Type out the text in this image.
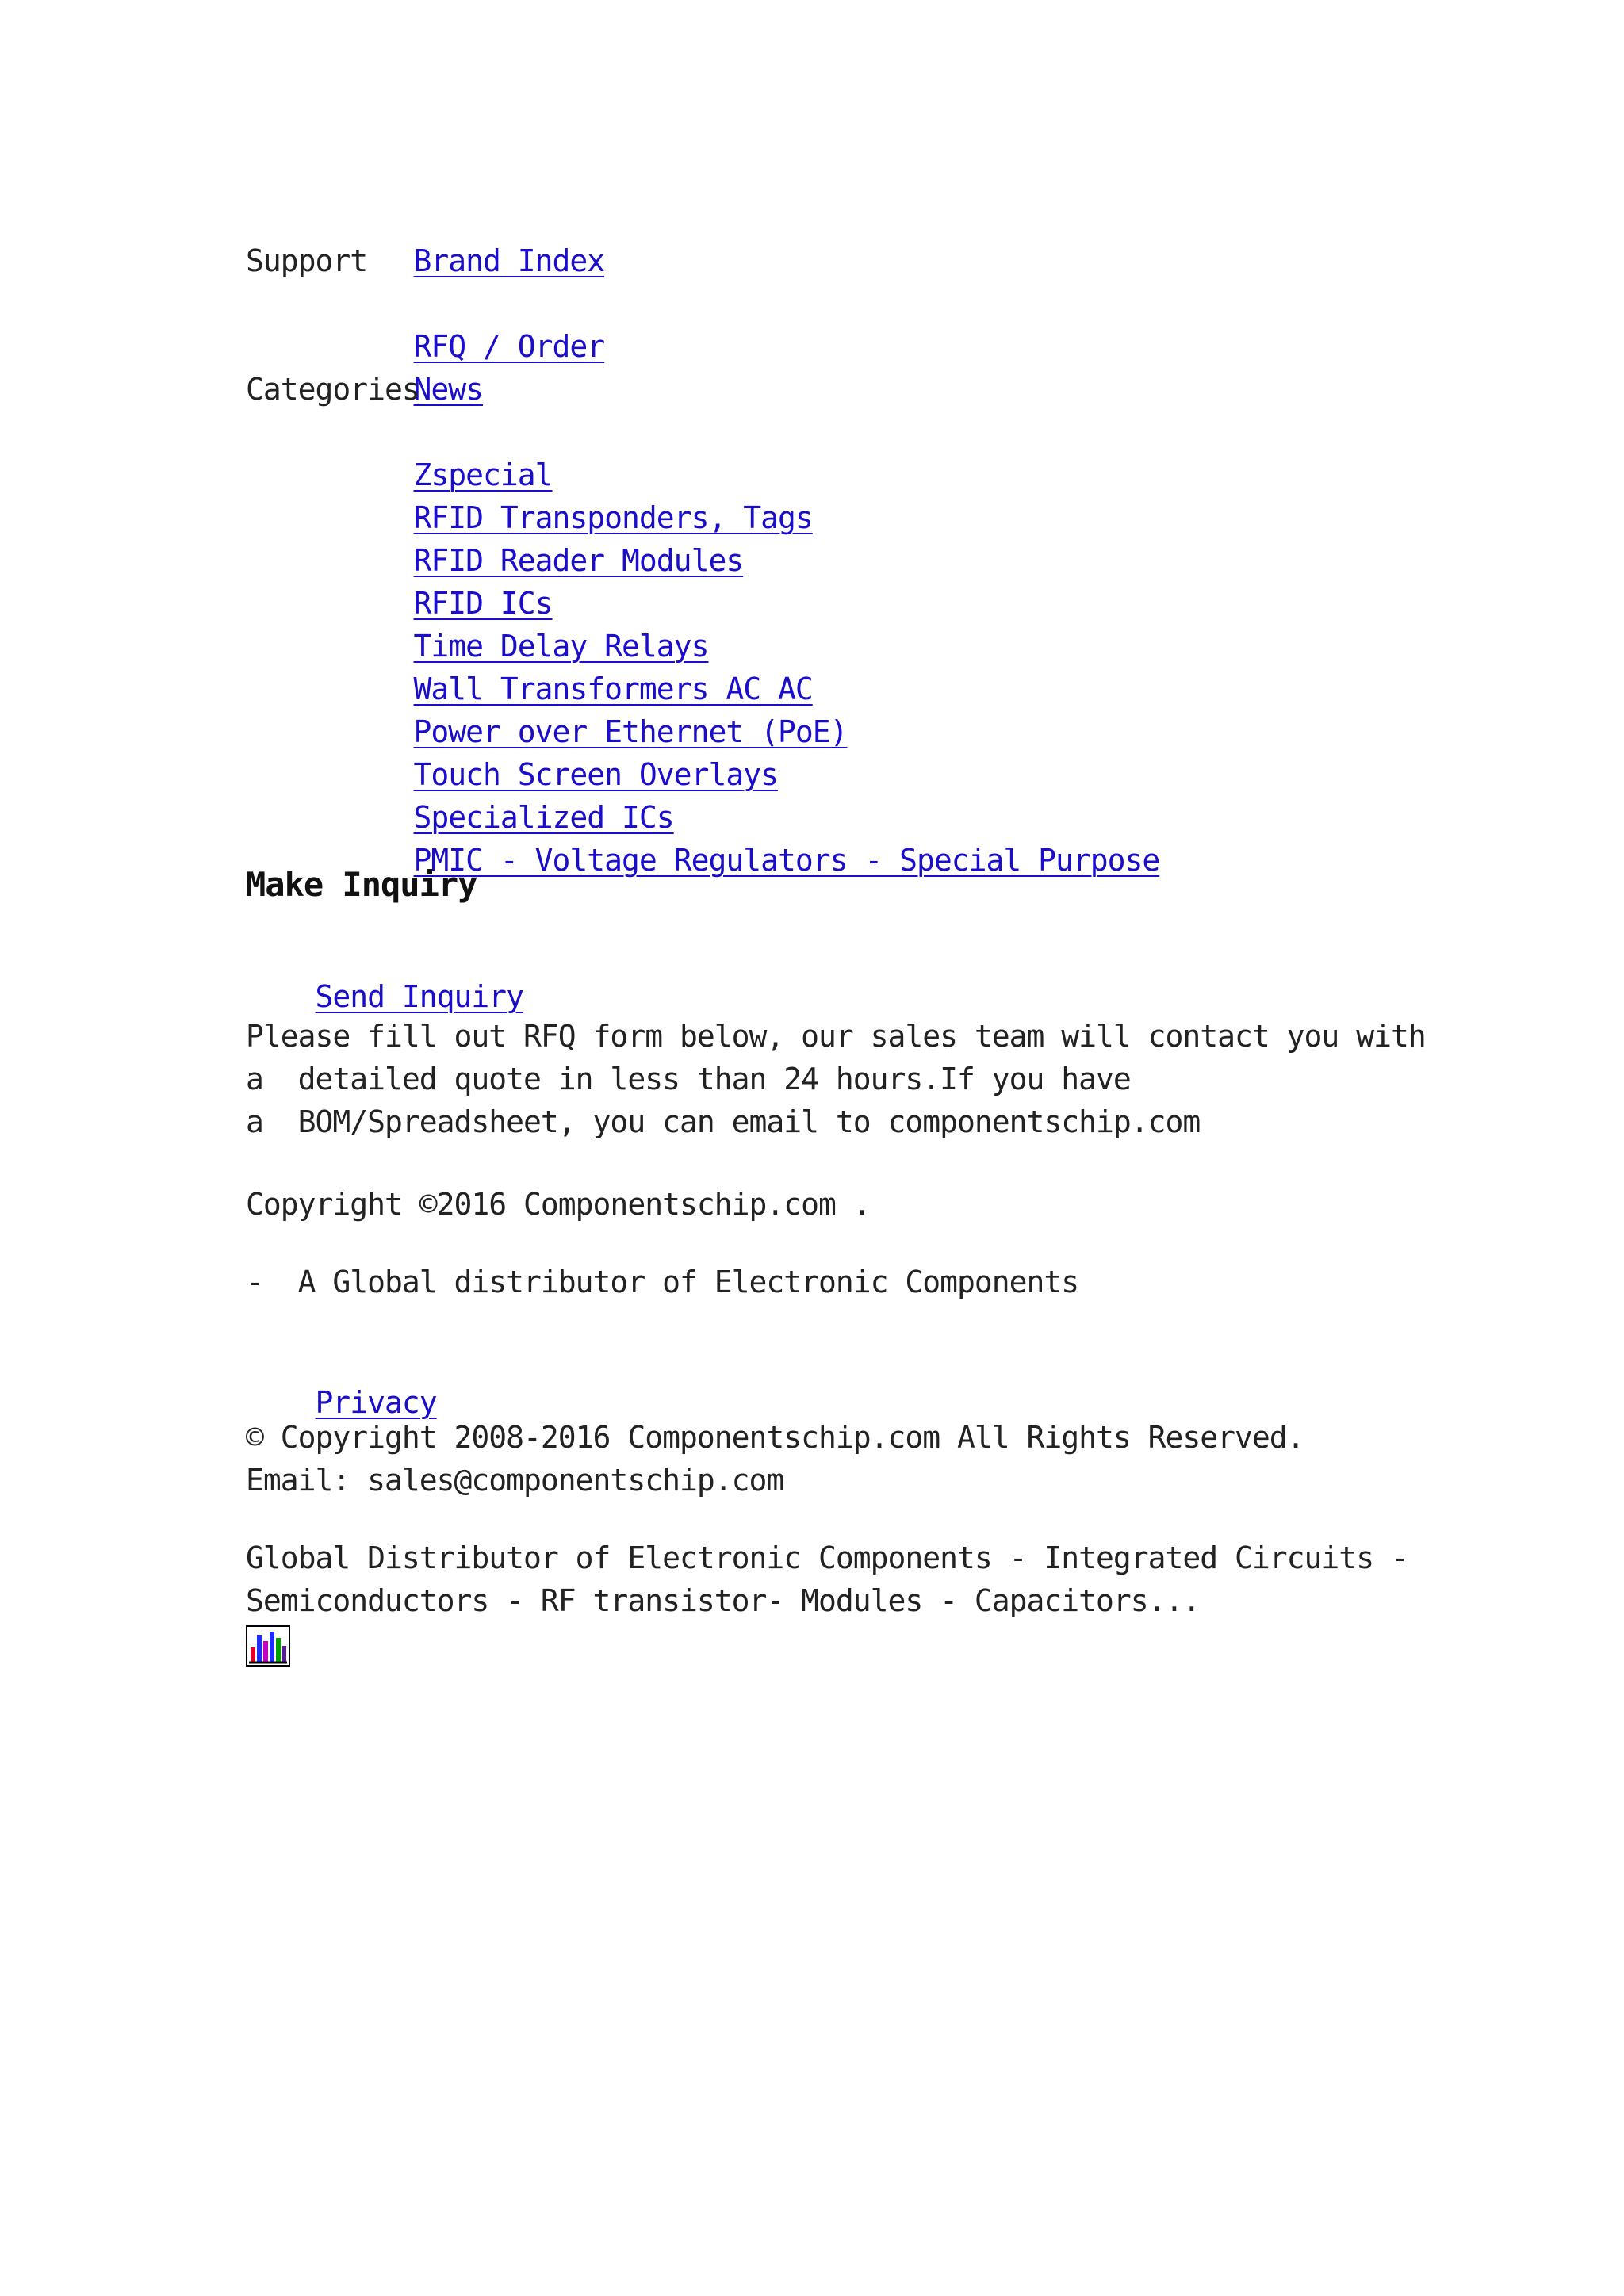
Brand Index

Support

RFQ / Order

News

Categories

Zspecial

RFID Transponders, Tags

RFID Reader Modules

RFID ICs

Time Delay Relays

Wall Transformers AC AC

Power over Ethernet (PoE)

Touch Screen Overlays

Specialized ICs

PMIC - Voltage Regulators - Special Purpose

Make Inquiry

Send Inquiry

Please fill out RFQ form below, our sales team will contact you with
a  detailed quote in less than 24 hours.If you have
a  BOM/Spreadsheet, you can email to componentschip.com
Copyright ©2016 Componentschip.com .
-  A Global distributor of Electronic Components

Privacy

© Copyright 2008-2016 Componentschip.com All Rights Reserved.
Email: sales@componentschip.com
Global Distributor of Electronic Components - Integrated Circuits -
Semiconductors - RF transistor- Modules - Capacitors...
